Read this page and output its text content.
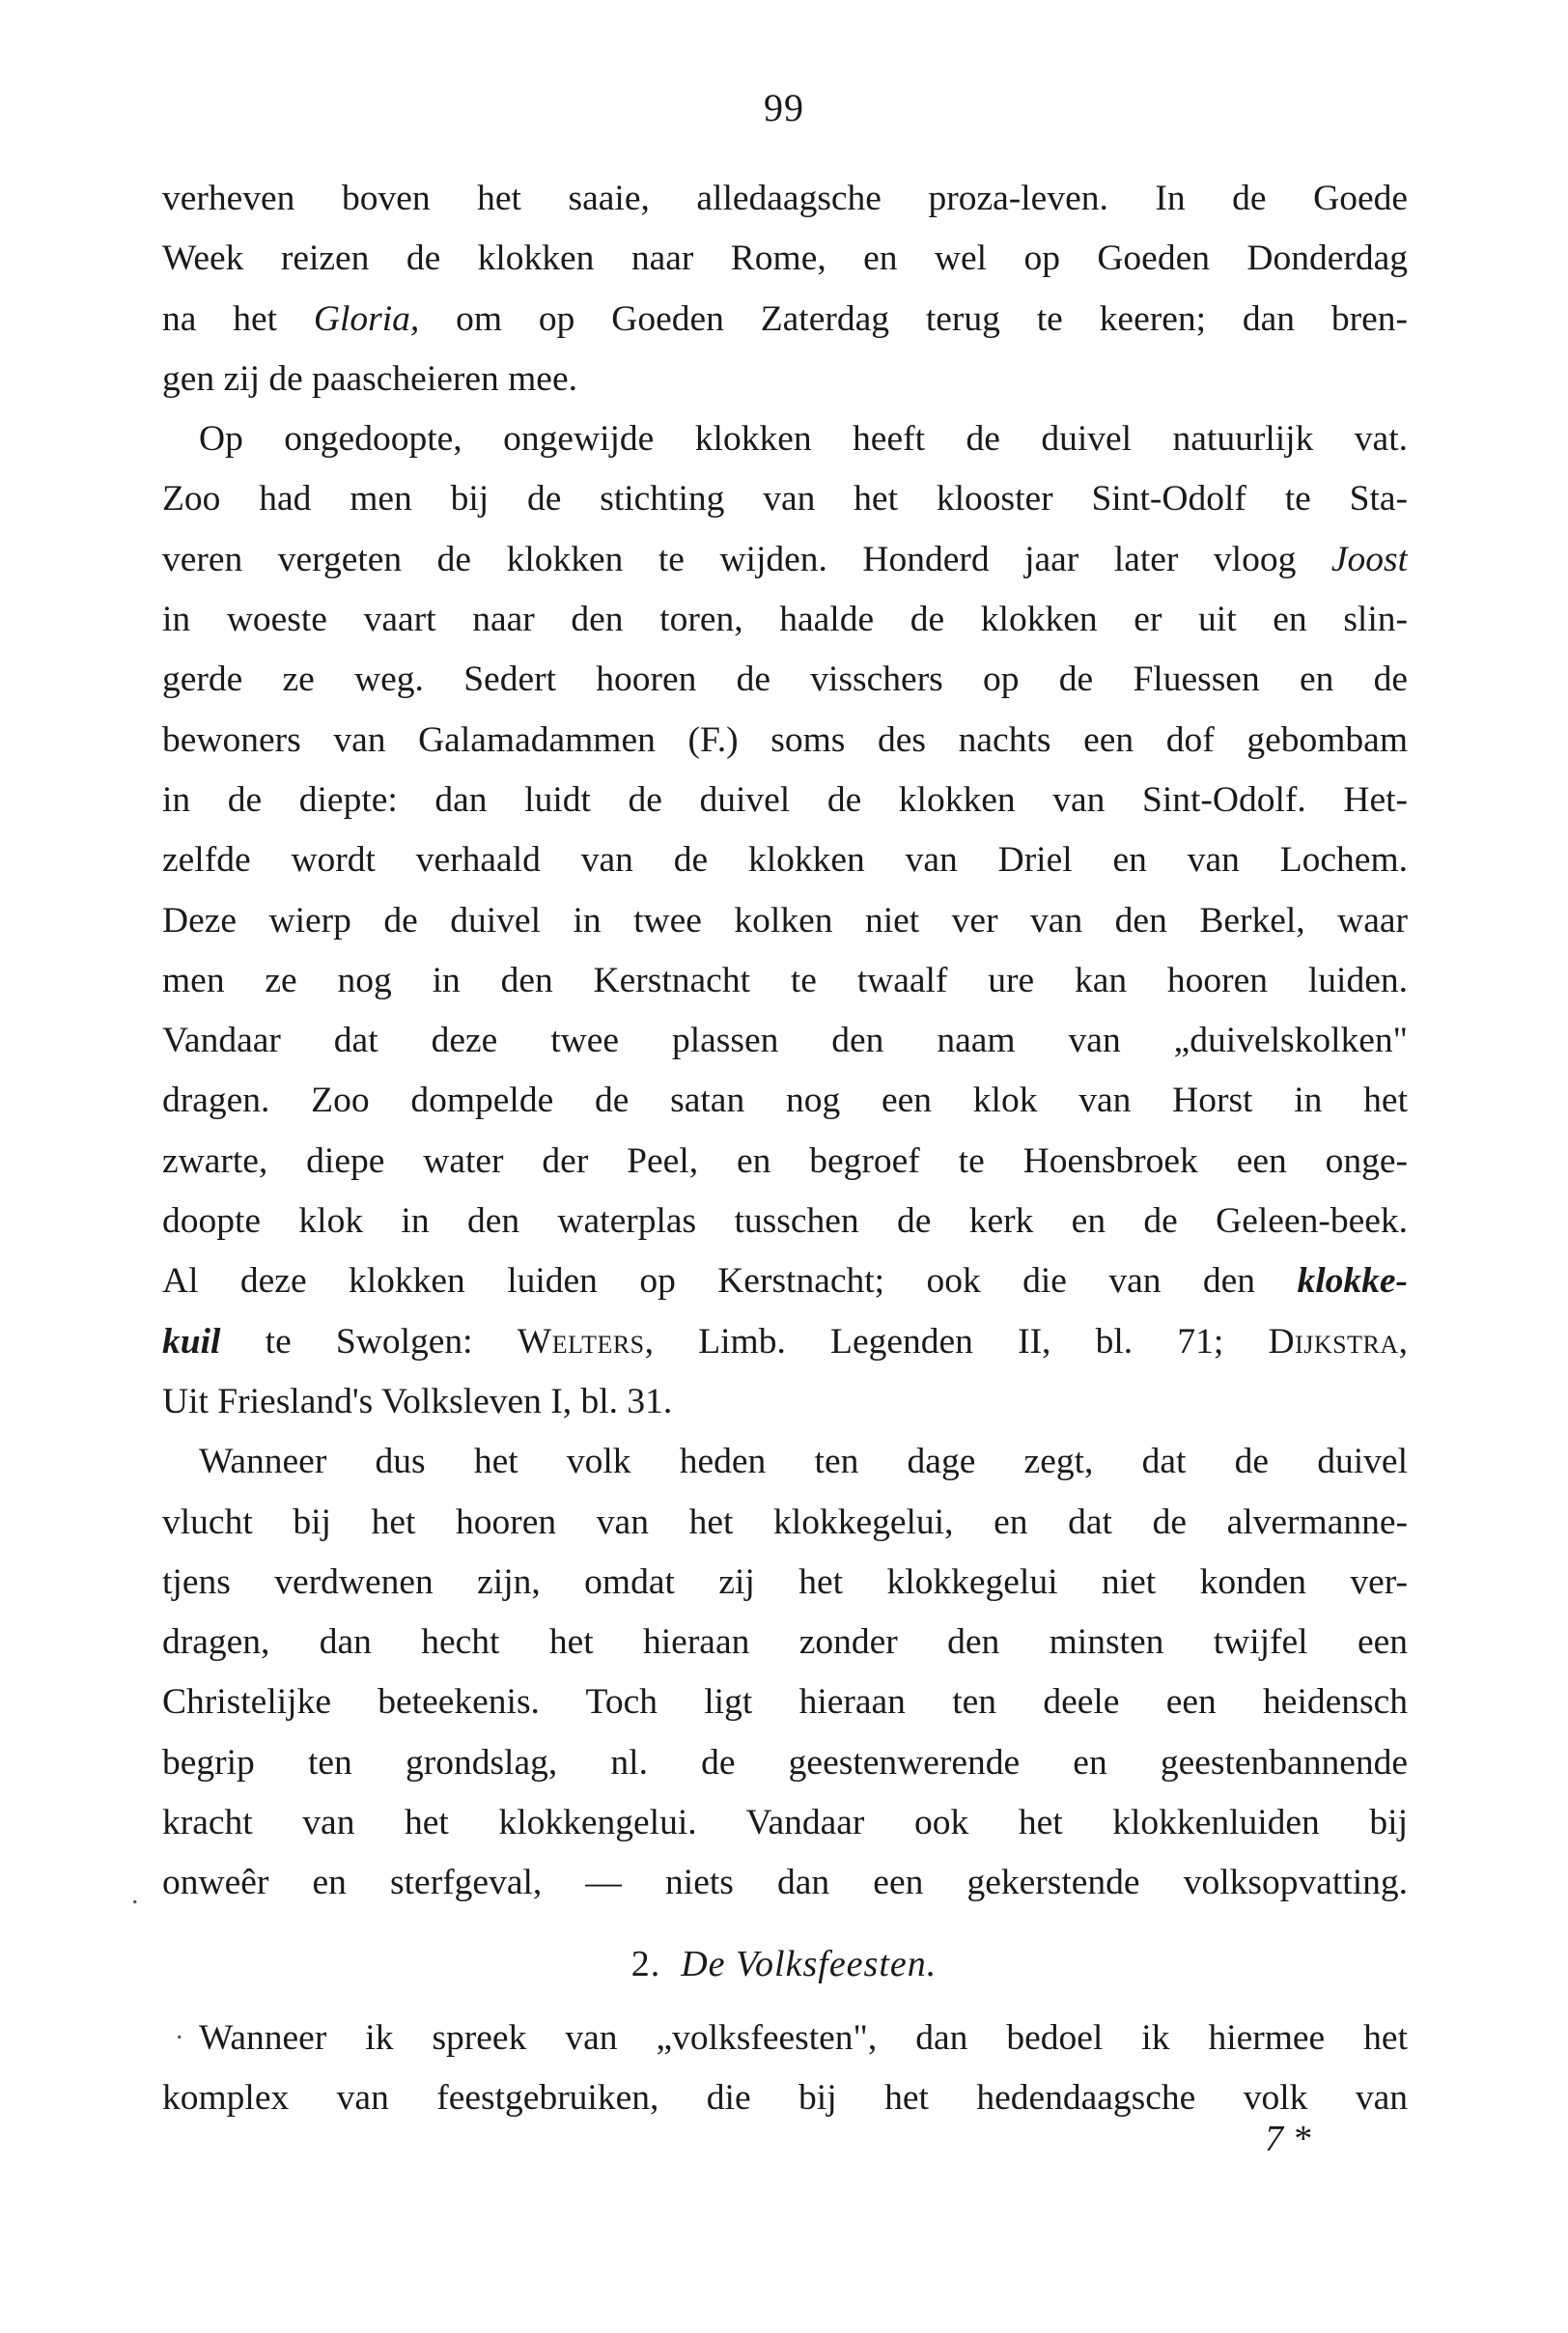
99
verheven boven het saaie, alledaagsche proza-leven. In de Goede
Week reizen de klokken naar Rome, en wel op Goeden Donderdag
na het Gloria, om op Goeden Zaterdag terug te keeren; dan bren-
gen zij de paascheieren mee.
Op ongedoopte, ongewijde klokken heeft de duivel natuurlijk vat.
Zoo had men bij de stichting van het klooster Sint-Odolf te Sta-
veren vergeten de klokken te wijden. Honderd jaar later vloog Joost
in woeste vaart naar den toren, haalde de klokken er uit en slin-
gerde ze weg. Sedert hooren de visschers op de Fluessen en de
bewoners van Galamadammen (F.) soms des nachts een dof gebombam
in de diepte: dan luidt de duivel de klokken van Sint-Odolf. Het-
zelfde wordt verhaald van de klokken van Driel en van Lochem.
Deze wierp de duivel in twee kolken niet ver van den Berkel, waar
men ze nog in den Kerstnacht te twaalf ure kan hooren luiden.
Vandaar dat deze twee plassen den naam van „duivelskolken"
dragen. Zoo dompelde de satan nog een klok van Horst in het
zwarte, diepe water der Peel, en begroef te Hoensbroek een onge-
doopte klok in den waterplas tusschen de kerk en de Geleen-beek.
Al deze klokken luiden op Kerstnacht; ook die van den klokke-
kuil te Swolgen: Welters, Limb. Legenden II, bl. 71; Dijkstra,
Uit Friesland's Volksleven I, bl. 31.
Wanneer dus het volk heden ten dage zegt, dat de duivel
vlucht bij het hooren van het klokkegelui, en dat de alvermanne-
tjens verdwenen zijn, omdat zij het klokkegelui niet konden ver-
dragen, dan hecht het hieraan zonder den minsten twijfel een
Christelijke beteekenis. Toch ligt hieraan ten deele een heidensch
begrip ten grondslag, nl. de geestenwerende en geestenbannende
kracht van het klokkengelui. Vandaar ook het klokkenluiden bij
onweêr en sterfgeval, — niets dan een gekerstende volksopvatting.
2. De Volksfeesten.
Wanneer ik spreek van „volksfeesten", dan bedoel ik hiermee het
komplex van feestgebruiken, die bij het hedendaagsche volk van
7 *
.
.
